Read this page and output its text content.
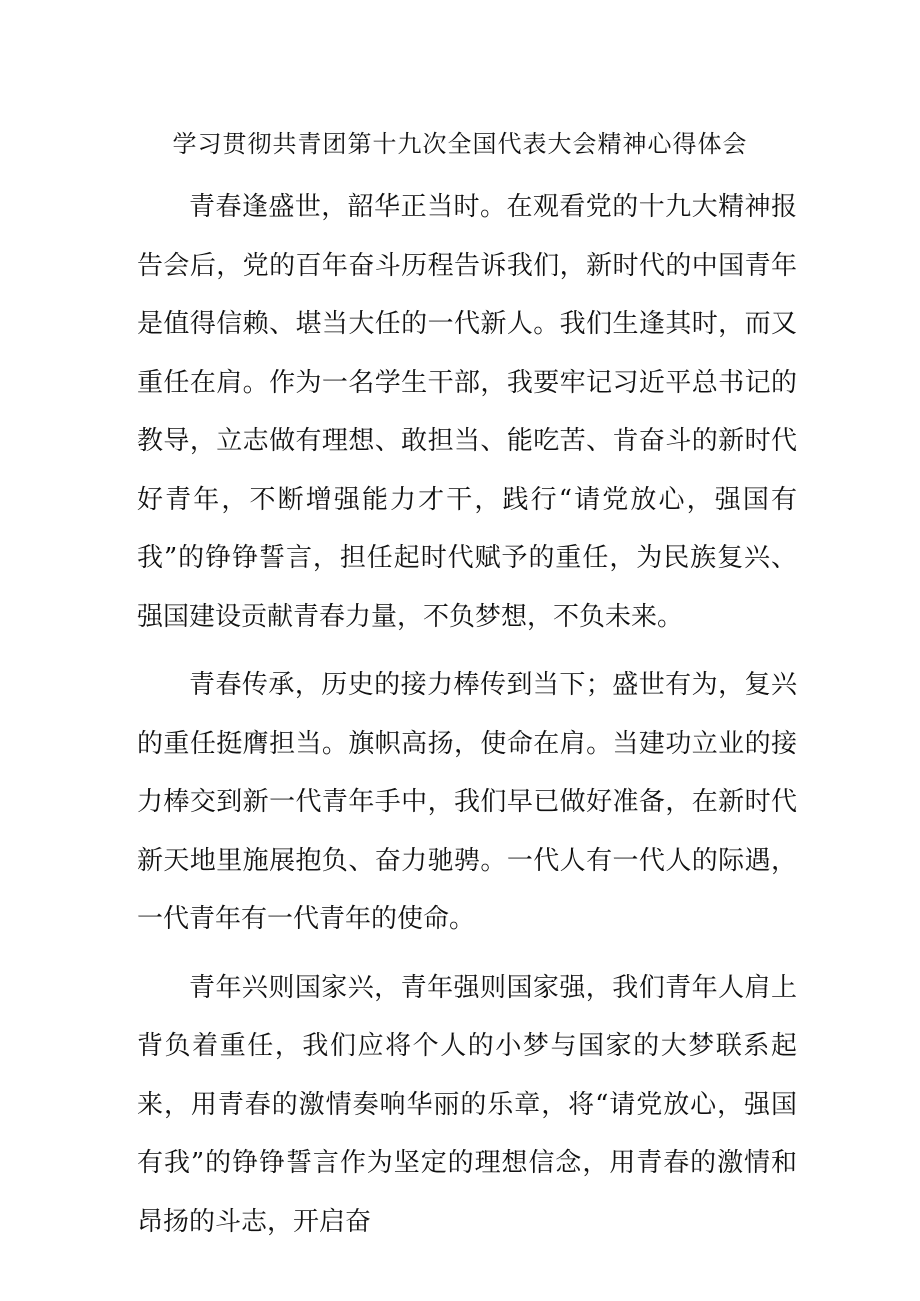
学习贯彻共青团第十九次全国代表大会精神心得体会

青春逢盛世，韶华正当时。在观看党的十九大精神报告会后，党的百年奋斗历程告诉我们，新时代的中国青年是值得信赖、堪当大任的一代新人。我们生逢其时，而又重任在肩。作为一名学生干部，我要牢记习近平总书记的教导，立志做有理想、敢担当、能吃苦、肯奋斗的新时代好青年，不断增强能力才干，践行“请党放心，强国有我”的铮铮誓言，担任起时代赋予的重任，为民族复兴、强国建设贡献青春力量，不负梦想，不负未来。

青春传承，历史的接力棒传到当下；盛世有为，复兴的重任挺膺担当。旗帜高扬，使命在肩。当建功立业的接力棒交到新一代青年手中，我们早已做好准备，在新时代新天地里施展抱负、奋力驰骋。一代人有一代人的际遇，一代青年有一代青年的使命。

青年兴则国家兴，青年强则国家强，我们青年人肩上背负着重任，我们应将个人的小梦与国家的大梦联系起来，用青春的激情奏响华丽的乐章，将“请党放心，强国有我”的铮铮誓言作为坚定的理想信念，用青春的激情和昂扬的斗志，开启奋
